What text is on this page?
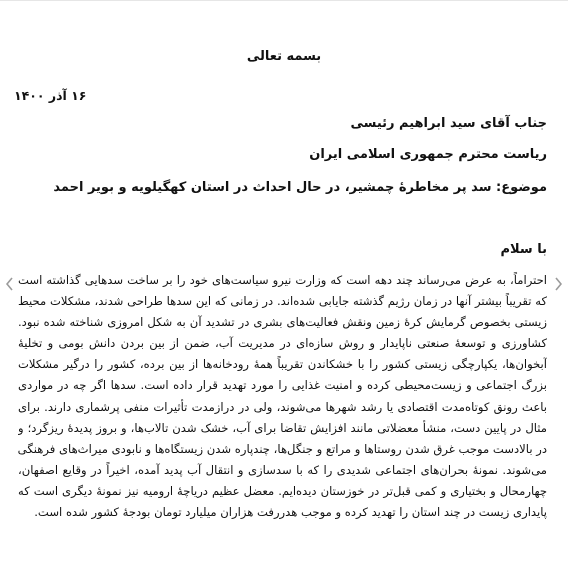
بسمه تعالی
۱۶ آذر ۱۴۰۰
جناب آقای سید ابراهیم رئیسی
ریاست محترم جمهوری اسلامی ایران
موضوع: سد پر مخاطرۀ چمشیر، در حال احداث در استان کهگیلویه و بویر احمد
با سلام
احتراماً، به عرض می‌رساند چند دهه است که وزارت نیرو سیاست‌های خود را بر ساخت سدهایی گذاشته است
که تقریباً بیشتر آنها در زمان رژیم گذشته جایابی شده‌اند. در زمانی که این سدها طراحی شدند، مشکلات محیط
زیستی بخصوص گرمایش کرۀ زمین ونقش فعالیت‌های بشری در تشدید آن به شکل امروزی شناخته شده نبود.
کشاورزی و توسعۀ صنعتی ناپایدار و روش سازه‌ای در مدیریت آب، ضمن از بین بردن دانش بومی و تخلیۀ
آبخوان‌ها، یکپارچگی زیستی کشور را با خشکاندن تقریباً همۀ رودخانه‌ها از بین برده، کشور را درگیر مشکلات
بزرگ اجتماعی و زیست‌محیطی کرده و امنیت غذایی را مورد تهدید قرار داده است. سدها اگر چه در مواردی
باعث رونق کوتاه‌مدت اقتصادی یا رشد شهرها می‌شوند، ولی در درازمدت تأثیرات منفی پرشماری دارند. برای
مثال در پایین دست، منشأ معضلاتی مانند افزایش تقاضا برای آب، خشک شدن تالاب‌ها، و بروز پدیدۀ ریزگرد؛ و
در بالادست موجب غرق شدن روستاها و مراتع و جنگل‌ها، چندپاره شدن زیستگاه‌ها و نابودی میراث‌های فرهنگی
می‌شوند. نمونۀ بحران‌های اجتماعی شدیدی را که با سدسازی و انتقال آب پدید آمده، اخیراً در وقایع اصفهان،
چهارمحال و بختیاری و کمی قبل‌تر در خوزستان دیده‌ایم. معضل عظیم دریاچۀ ارومیه نیز نمونۀ دیگری است که
پایداری زیست در چند استان را تهدید کرده و موجب هدررفت هزاران میلیارد تومان بودجۀ کشور شده است.
